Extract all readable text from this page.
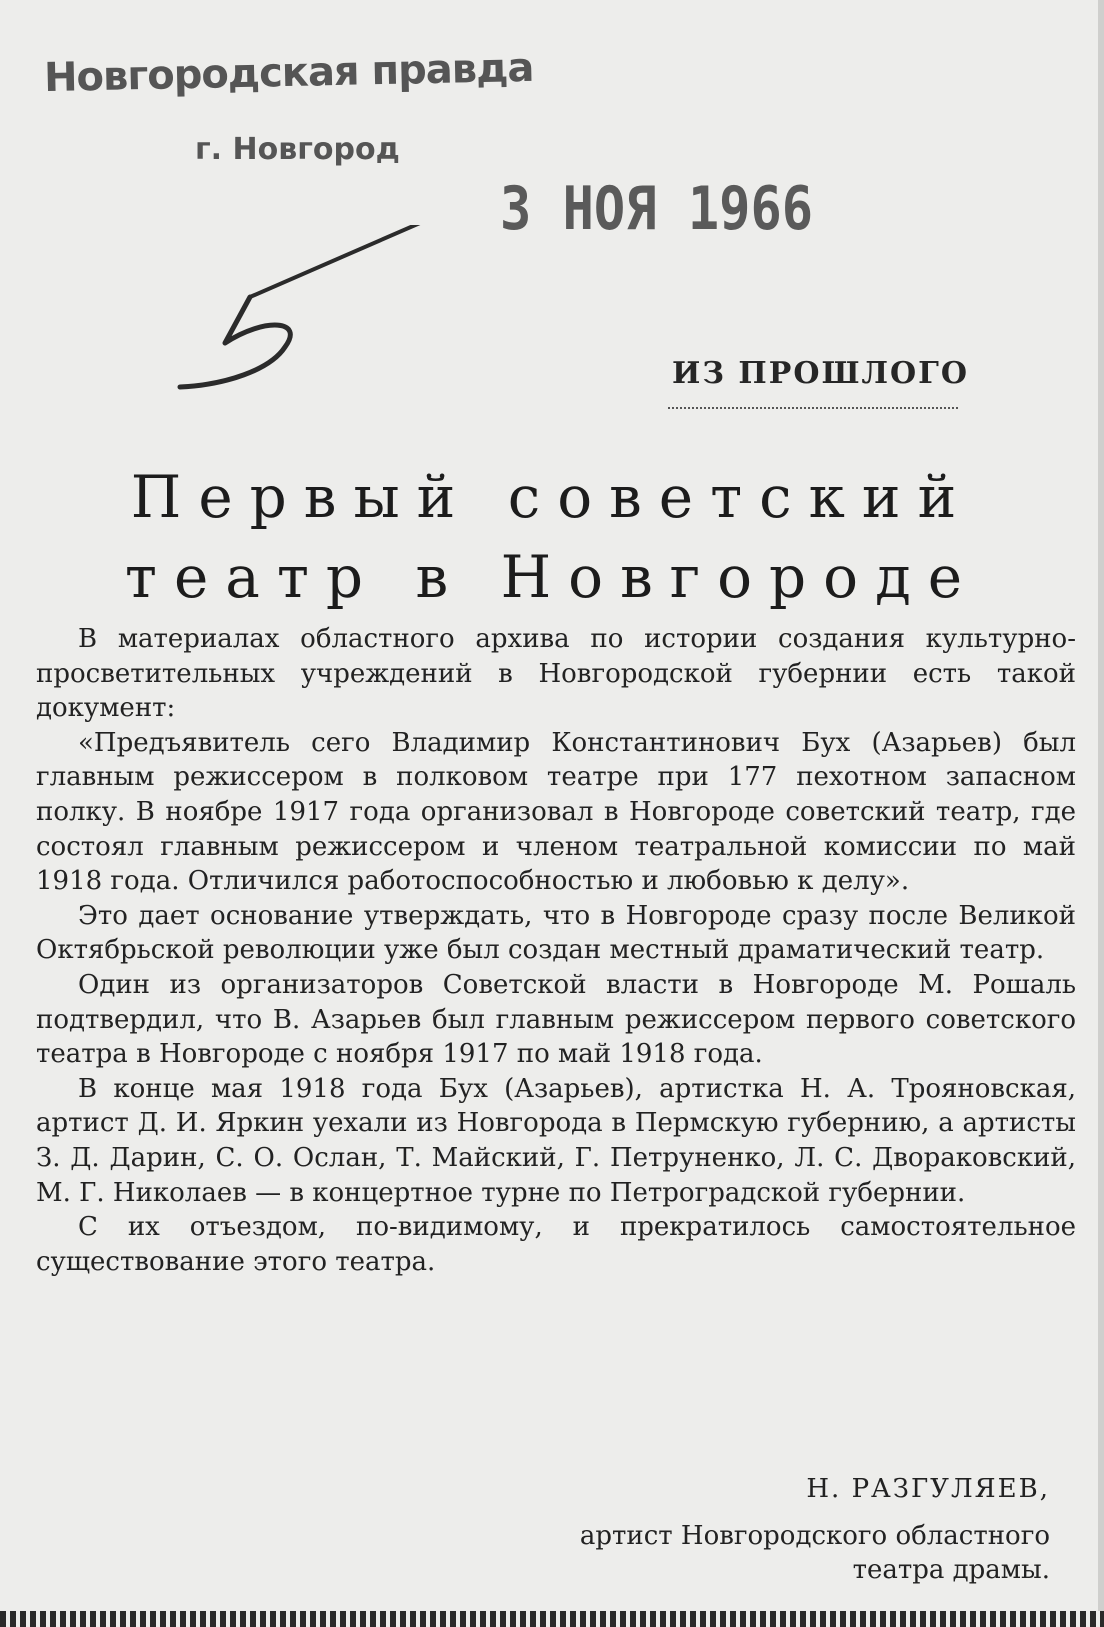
Новгородская правда
г. Новгород
3 НОЯ 1966
ИЗ ПРОШЛОГО
Первый советский
театр в Новгороде

В материалах областного архива по истории создания культурно-просветительных учреждений в Новгородской губернии есть такой документ:

«Предъявитель сего Владимир Константинович Бух (Азарьев) был главным режиссером в полковом театре при 177 пехотном запасном полку. В ноябре 1917 года организовал в Новгороде советский театр, где состоял главным режиссером и членом театральной комиссии по май 1918 года. Отличился работоспособностью и любовью к делу».

Это дает основание утверждать, что в Новгороде сразу после Великой Октябрьской революции уже был создан местный драматический театр.

Один из организаторов Советской власти в Новгороде М. Рошаль подтвердил, что В. Азарьев был главным режиссером первого советского театра в Новгороде с ноября 1917 по май 1918 года.

В конце мая 1918 года Бух (Азарьев), артистка Н. А. Трояновская, артист Д. И. Яркин уехали из Новгорода в Пермскую губернию, а артисты З. Д. Дарин, С. О. Ослан, Т. Майский, Г. Петруненко, Л. С. Дворaковский, М. Г. Николаев — в концертное турне по Петроградской губернии.

С их отъездом, по-видимому, и прекратилось самостоятельное существование этого театра.

Н. РАЗГУЛЯЕВ,
артист Новгородского областного
театра драмы.
